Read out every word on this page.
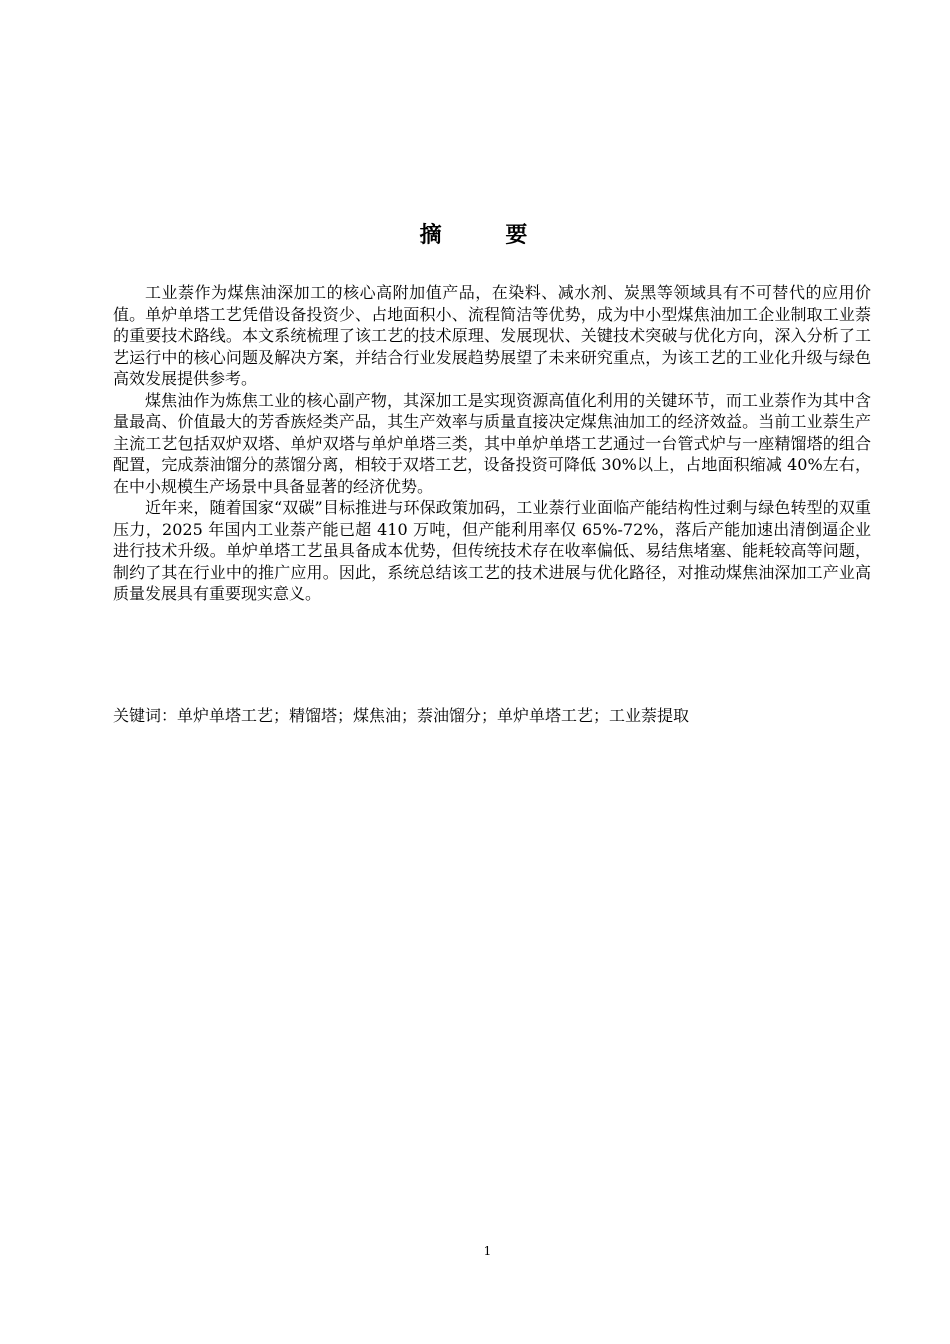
摘 要

工业萘作为煤焦油深加工的核心高附加值产品，在染料、减水剂、炭黑等领域具有不可替代的应用价值。单炉单塔工艺凭借设备投资少、占地面积小、流程简洁等优势，成为中小型煤焦油加工企业制取工业萘的重要技术路线。本文系统梳理了该工艺的技术原理、发展现状、关键技术突破与优化方向，深入分析了工艺运行中的核心问题及解决方案，并结合行业发展趋势展望了未来研究重点，为该工艺的工业化升级与绿色高效发展提供参考。

煤焦油作为炼焦工业的核心副产物，其深加工是实现资源高值化利用的关键环节，而工业萘作为其中含量最高、价值最大的芳香族烃类产品，其生产效率与质量直接决定煤焦油加工的经济效益。当前工业萘生产主流工艺包括双炉双塔、单炉双塔与单炉单塔三类，其中单炉单塔工艺通过一台管式炉与一座精馏塔的组合配置，完成萘油馏分的蒸馏分离，相较于双塔工艺，设备投资可降低 30%以上，占地面积缩减 40%左右，在中小规模生产场景中具备显著的经济优势。

近年来，随着国家“双碳”目标推进与环保政策加码，工业萘行业面临产能结构性过剩与绿色转型的双重压力，2025 年国内工业萘产能已超 410 万吨，但产能利用率仅 65%-72%，落后产能加速出清倒逼企业进行技术升级。单炉单塔工艺虽具备成本优势，但传统技术存在收率偏低、易结焦堵塞、能耗较高等问题，制约了其在行业中的推广应用。因此，系统总结该工艺的技术进展与优化路径，对推动煤焦油深加工产业高质量发展具有重要现实意义。

关键词：单炉单塔工艺；精馏塔；煤焦油；萘油馏分；单炉单塔工艺；工业萘提取
1
